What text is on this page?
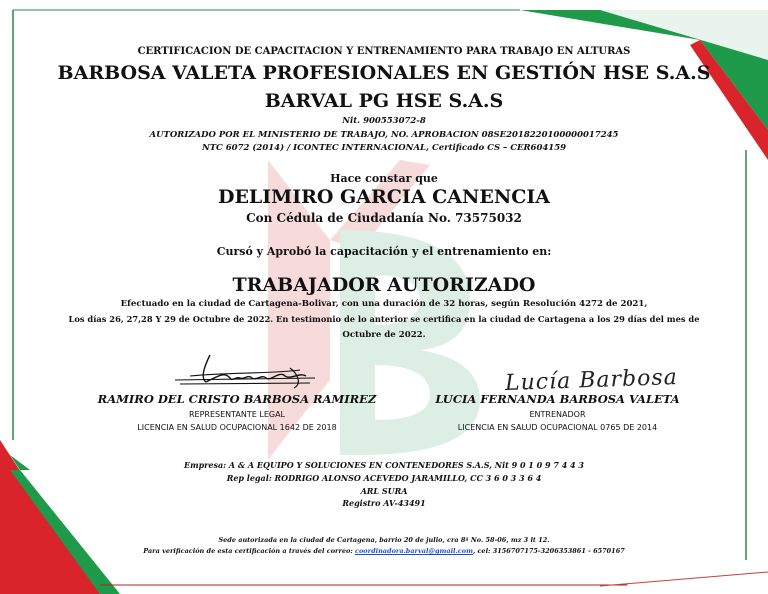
CERTIFICACION DE CAPACITACION Y ENTRENAMIENTO PARA TRABAJO EN ALTURAS
BARBOSA VALETA PROFESIONALES EN GESTIÓN HSE S.A.S
BARVAL PG HSE S.A.S
Nit. 900553072-8
AUTORIZADO POR EL MINISTERIO DE TRABAJO, NO. APROBACION 08SE2018220100000017245
NTC 6072 (2014) / ICONTEC INTERNACIONAL, Certificado CS – CER604159
Hace constar que
DELIMIRO GARCIA CANENCIA
Con Cédula de Ciudadanía No. 73575032
Cursó y Aprobó la capacitación y el entrenamiento en:
TRABAJADOR AUTORIZADO
Efectuado en la ciudad de Cartagena-Bolivar, con una duración de 32 horas, según Resolución 4272 de 2021,
Los días 26, 27,28 Y 29 de Octubre de 2022. En testimonio de lo anterior se certifica en la ciudad de Cartagena a los 29 días del mes de
Octubre de 2022.
RAMIRO DEL CRISTO BARBOSA RAMIREZ
REPRESENTANTE LEGAL
LICENCIA EN SALUD OCUPACIONAL 1642 DE 2018
Lucía Barbosa
LUCIA FERNANDA BARBOSA VALETA
ENTRENADOR
LICENCIA EN SALUD OCUPACIONAL 0765 DE 2014
Empresa: A & A EQUIPO Y SOLUCIONES EN CONTENEDORES S.A.S, Nit 9 0 1 0 9 7 4 4 3
Rep legal: RODRIGO ALONSO ACEVEDO JARAMILLO, CC 3 6 0 3 3 6 4
ARL SURA
Registro AV-43491
Sede autorizada en la ciudad de Cartagena, barrio 20 de julio, cra 8ª No. 58-06, mz 3 lt 12.
Para verificación de esta certificación a través del correo: coordinadora.barval@gmail.com, cel: 3156707175-3206353861 - 6570167
